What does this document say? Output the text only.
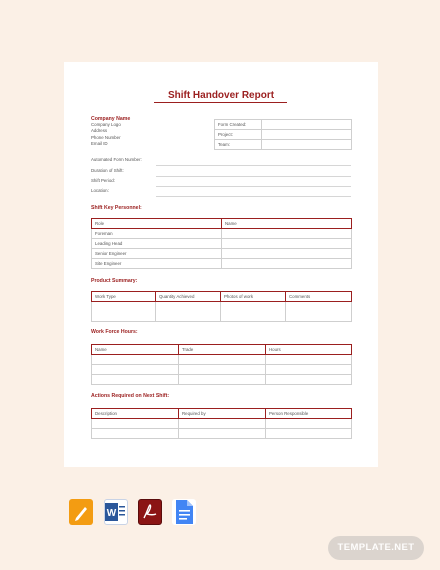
Shift Handover Report
Company Name
Company Logo
Address
Phone Number
Email ID
Form Created:	
Project:	
Team:	
Automated Form Number:
Duration of Shift:
Shift Period:
Location:
Shift Key Personnel:
Role	Name
Foreman	
Leading Head	
Senior Engineer	
Site Engineer	
Product Summary:
Work Type	Quantity Achieved	Photos of work	Comments

Work Force Hours:
Name	Trade	Hours

Actions Required on Next Shift:
Description	Required by	Person Responsible

W
TEMPLATE.NET
